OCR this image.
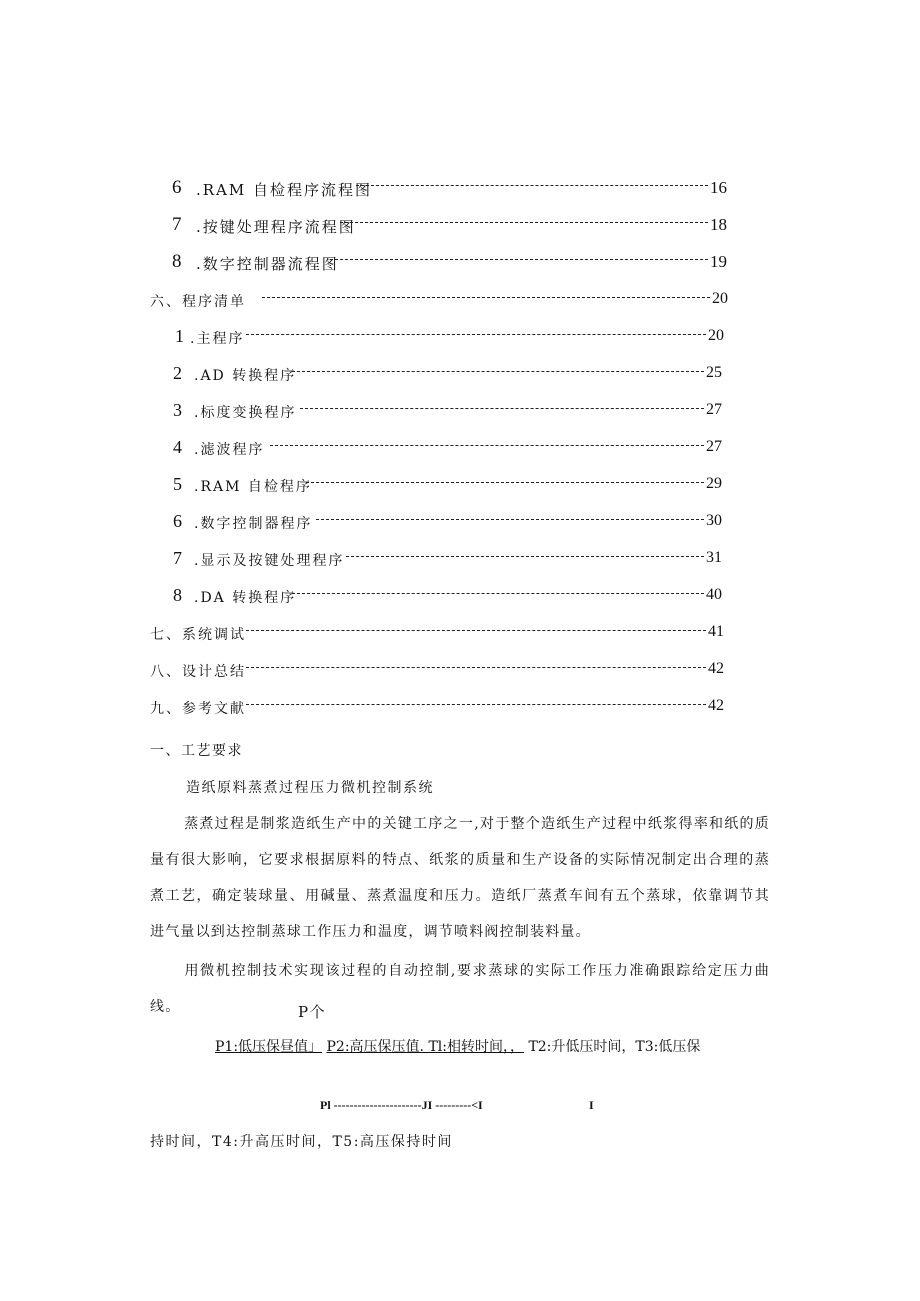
6 .RAM 自检程序流程图	16
7 .按键处理程序流程图	18
8 .数字控制器流程图	19
六、程序清单	20
1 .主程序	20
2 .AD 转换程序	25
3 .标度变换程序	27
4 .滤波程序	27
5 .RAM 自检程序	29
6 .数字控制器程序	30
7 .显示及按键处理程序	31
8 .DA 转换程序	40
七、系统调试	41
八、设计总结	42
九、参考文献	42
一、工艺要求
造纸原料蒸煮过程压力微机控制系统
蒸煮过程是制浆造纸生产中的关键工序之一,对于整个造纸生产过程中纸浆得率和纸的质量有很大影响，它要求根据原料的特点、纸浆的质量和生产设备的实际情况制定出合理的蒸煮工艺，确定装球量、用碱量、蒸煮温度和压力。造纸厂蒸煮车间有五个蒸球，依靠调节其进气量以到达控制蒸球工作压力和温度，调节喷料阀控制装料量。
用微机控制技术实现该过程的自动控制,要求蒸球的实际工作压力准确跟踪给定压力曲线。	P个
P1:低压保昼值」 P2:高压保压值. Tl:相转时间，， T2:升低压时间，T3:低压保
Pl ----------------------JI ---------<I	I
持时间，T4:升高压时间，T5:高压保持时间
